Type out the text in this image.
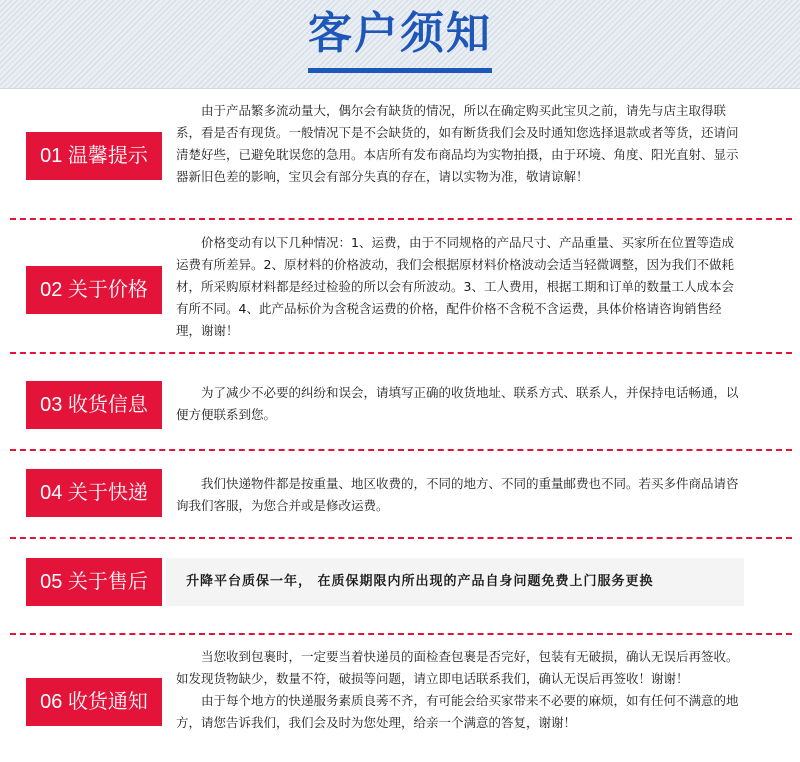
客户须知
01 温馨提示

由于产品繁多流动量大，偶尔会有缺货的情况，所以在确定购买此宝贝之前，请先与店主取得联系，看是否有现货。一般情况下是不会缺货的，如有断货我们会及时通知您选择退款或者等货，还请问清楚好些，已避免耽误您的急用。本店所有发布商品均为实物拍摄，由于环境、角度、阳光直射、显示器新旧色差的影响，宝贝会有部分失真的存在，请以实物为准，敬请谅解！

02 关于价格

价格变动有以下几种情况：1、运费，由于不同规格的产品尺寸、产品重量、买家所在位置等造成运费有所差异。2、原材料的价格波动，我们会根据原材料价格波动会适当轻微调整，因为我们不做耗材，所采购原材料都是经过检验的所以会有所波动。3、工人费用，根据工期和订单的数量工人成本会有所不同。4、此产品标价为含税含运费的价格，配件价格不含税不含运费，具体价格请咨询销售经理，谢谢！

03 收货信息

为了减少不必要的纠纷和误会，请填写正确的收货地址、联系方式、联系人，并保持电话畅通，以便方便联系到您。

04 关于快递	我们快递物件都是按重量、地区收费的，不同的地方、不同的重量邮费也不同。若买多件商品请咨询我们客服，为您合并或是修改运费。

05 关于售后	升降平台质保一年， 在质保期限内所出现的产品自身问题免费上门服务更换
06 收货通知

当您收到包裹时，一定要当着快递员的面检查包裹是否完好，包装有无破损，确认无误后再签收。如发现货物缺少，数量不符，破损等问题，请立即电话联系我们，确认无误后再签收！谢谢！

由于每个地方的快递服务素质良莠不齐，有可能会给买家带来不必要的麻烦，如有任何不满意的地方，请您告诉我们，我们会及时为您处理，给亲一个满意的答复，谢谢！
